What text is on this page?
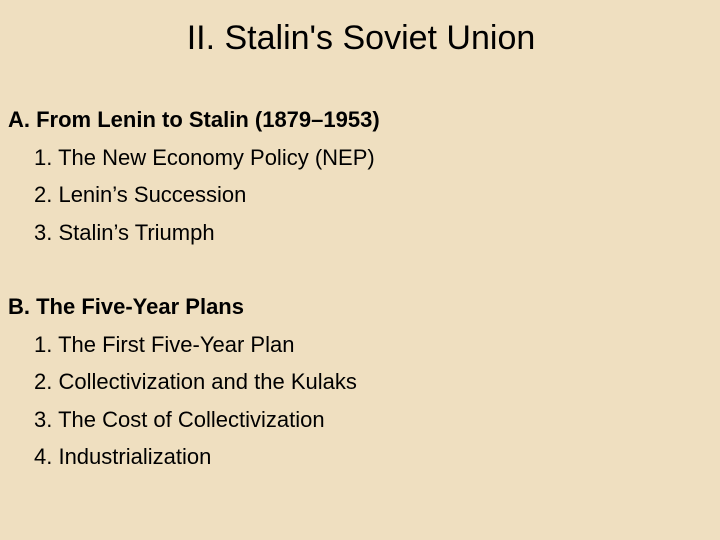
II. Stalin's Soviet Union
A. From Lenin to Stalin (1879–1953)
1. The New Economy Policy (NEP)
2. Lenin’s Succession
3. Stalin’s Triumph
B. The Five-Year Plans
1. The First Five-Year Plan
2. Collectivization and the Kulaks
3. The Cost of Collectivization
4. Industrialization
